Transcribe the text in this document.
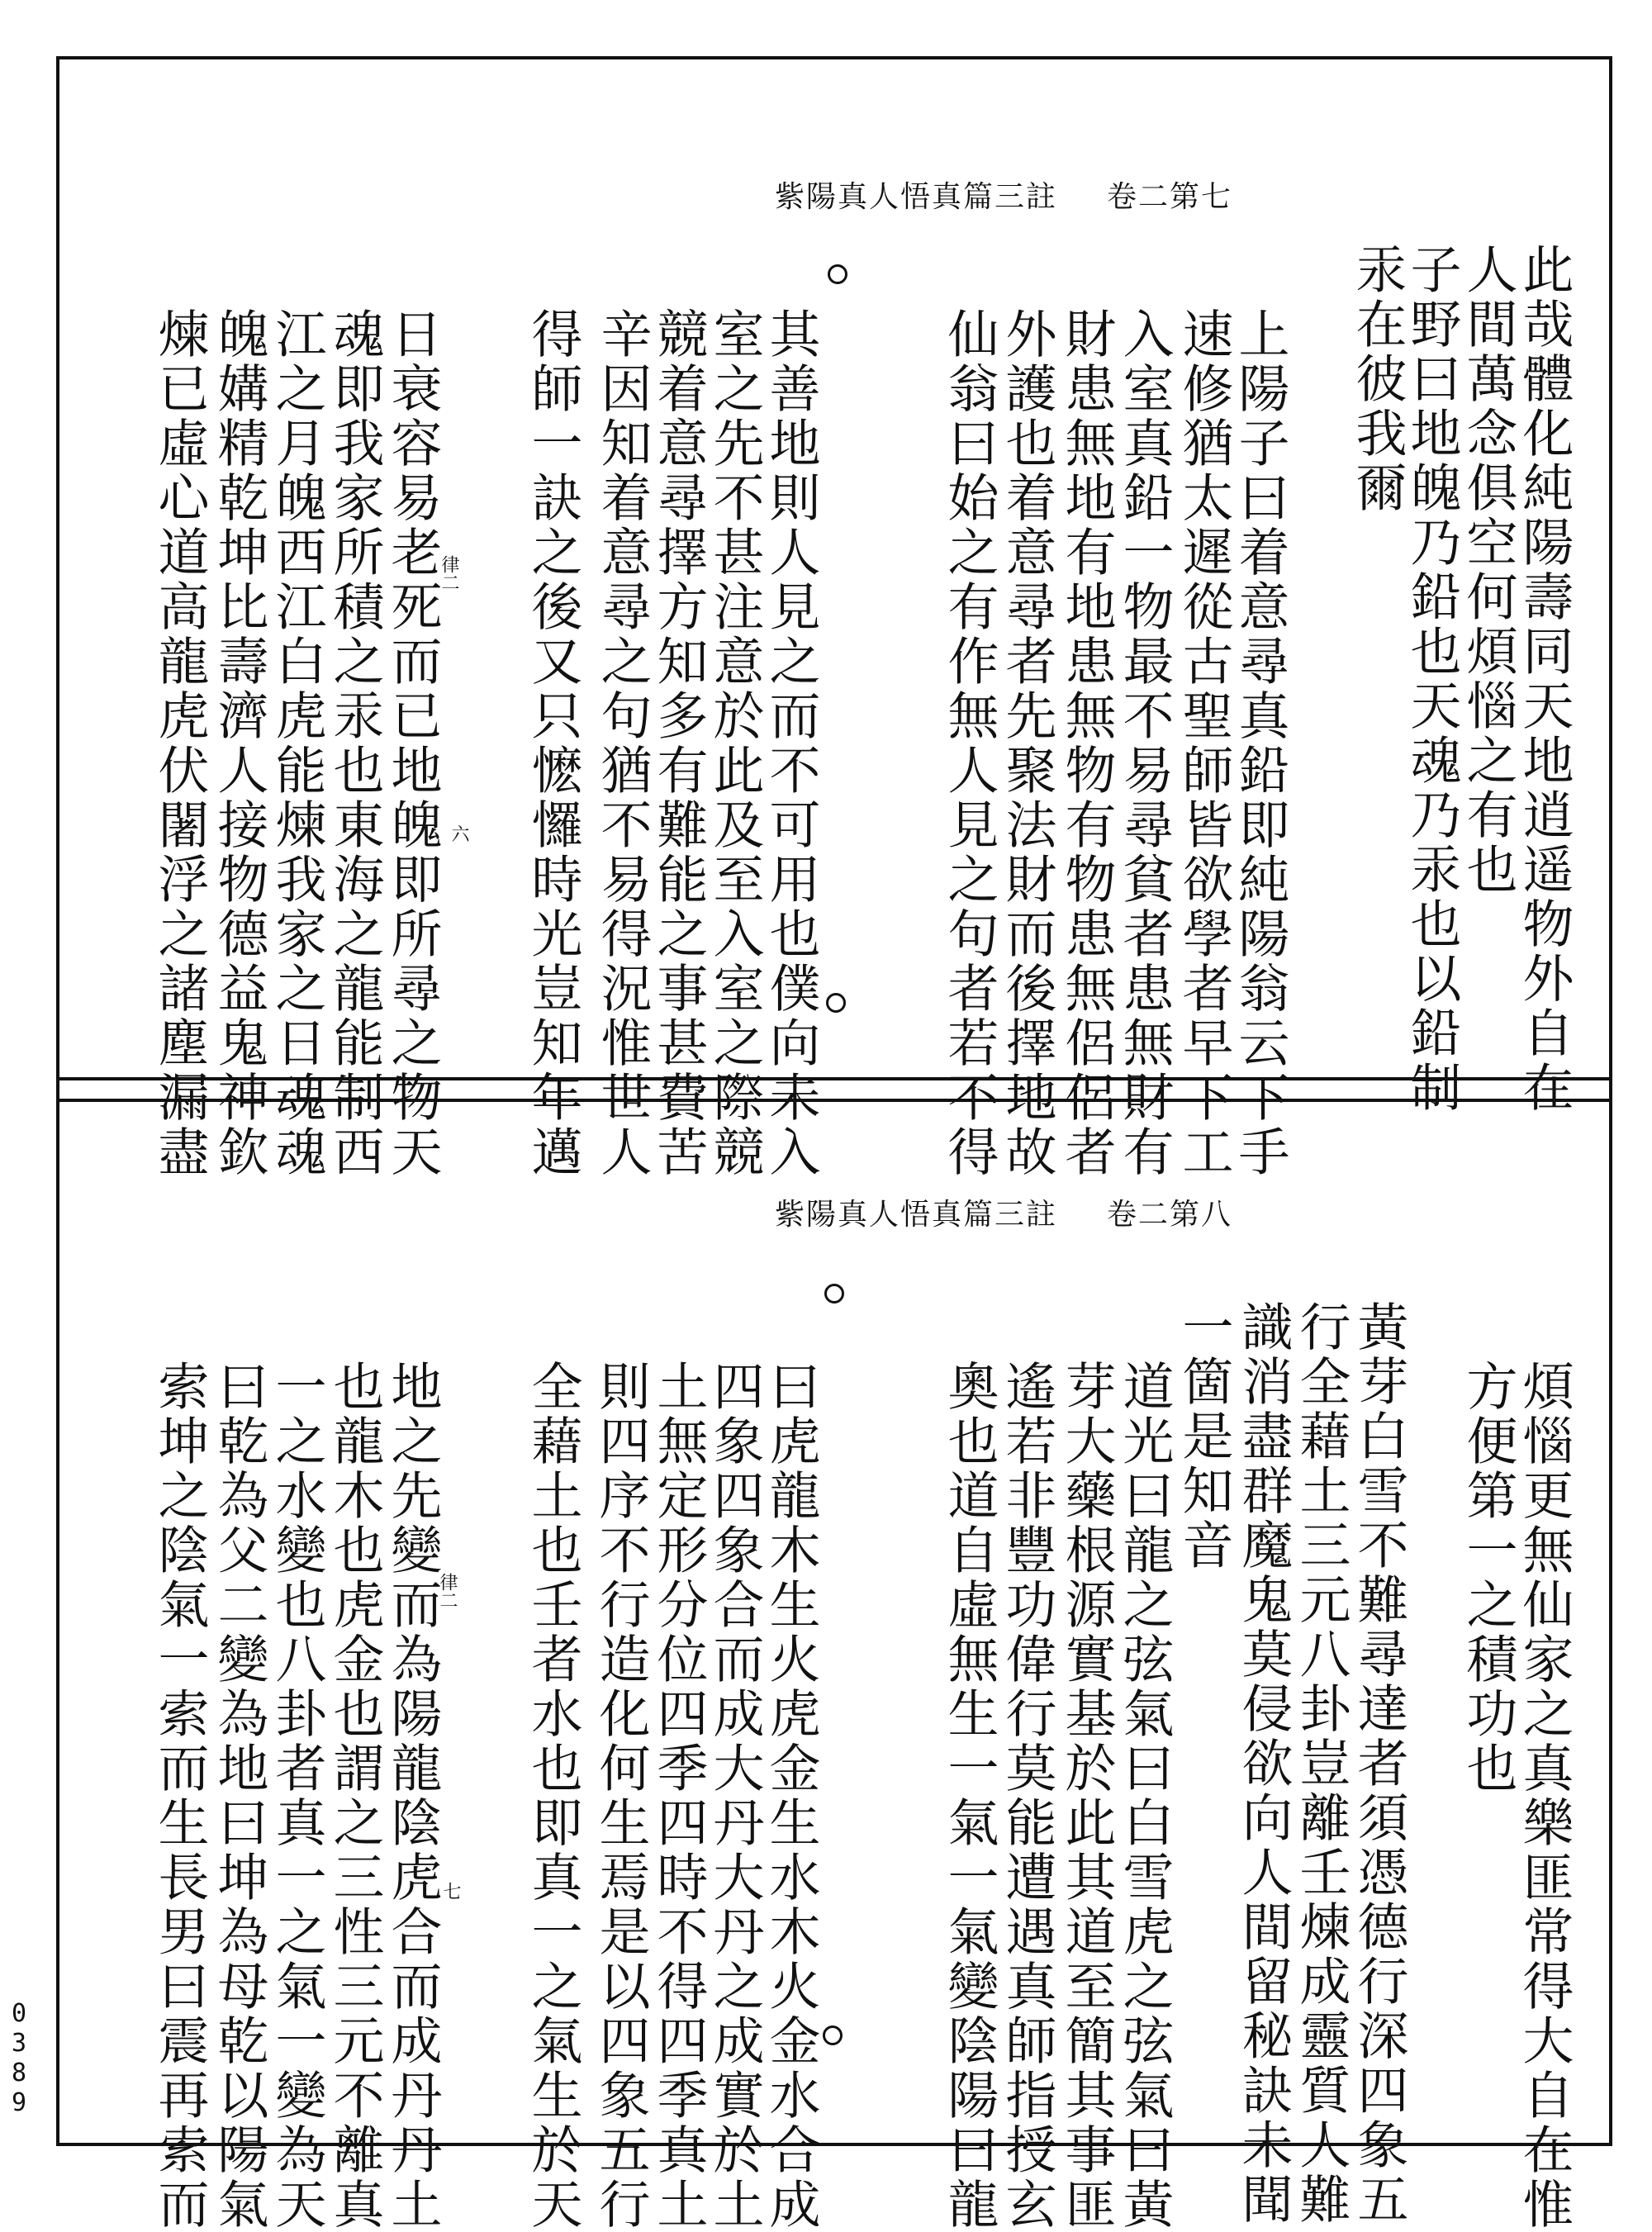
紫陽真人悟真篇三註 卷二第七
律二
六	此哉體化純陽壽同天地逍遥物外自在
人間萬念俱空何煩惱之有也
子野曰地魄乃鉛也天魂乃汞也以鉛制
汞在彼我爾
上陽子曰着意尋真鉛即純陽翁云下手
速修猶太遲從古聖師皆欲學者早下工
入室真鉛一物最不易尋貧者患無財有
財患無地有地患無物有物患無侶侶者
外護也着意尋者先聚法財而後擇地故
仙翁曰始之有作無人見之句者若不得
其善地則人見之而不可用也僕向未入
室之先不甚注意於此及至入室之際競
競着意尋擇方知多有難能之事甚費苦
辛因知着意尋之句猶不易得況惟世人
得師一訣之後又只懡㦬時光豈知年邁
日衰容易老死而已地魄即所尋之物天
魂即我家所積之汞也東海之龍能制西
江之月魄西江白虎能煉我家之日魂魂
魄媾精乾坤比壽濟人接物德益鬼神欽
煉已虛心道高龍虎伏闍浮之諸塵漏盡
紫陽真人悟真篇三註 卷二第八
律二
七	煩惱更無仙家之真樂匪常得大自在惟
方便第一之積功也
黃芽白雪不難尋達者須憑德行深四象五
行全藉土三元八卦豈離壬煉成靈質人難
識消盡群魔鬼莫侵欲向人間留秘訣未聞
一箇是知音
道光曰龍之弦氣曰白雪虎之弦氣曰黃
芽大藥根源實基於此其道至簡其事匪
遙若非豐功偉行莫能遭遇真師指授玄
奧也道自虛無生一氣一氣變陰陽曰龍
曰虎龍木生火虎金生水木火金水合成
四象四象合而成大丹大丹之成實於土
土無定形分位四季四時不得四季真土
則四序不行造化何生焉是以四象五行
全藉土也壬者水也即真一之氣生於天
地之先變而為陽龍陰虎合而成丹丹土
也龍木也虎金也謂之三性三元不離真
一之水變也八卦者真一之氣一變為天
曰乾為父二變為地曰坤為母乾以陽氣
索坤之陰氣一索而生長男曰震再索而
0
3
8
9
